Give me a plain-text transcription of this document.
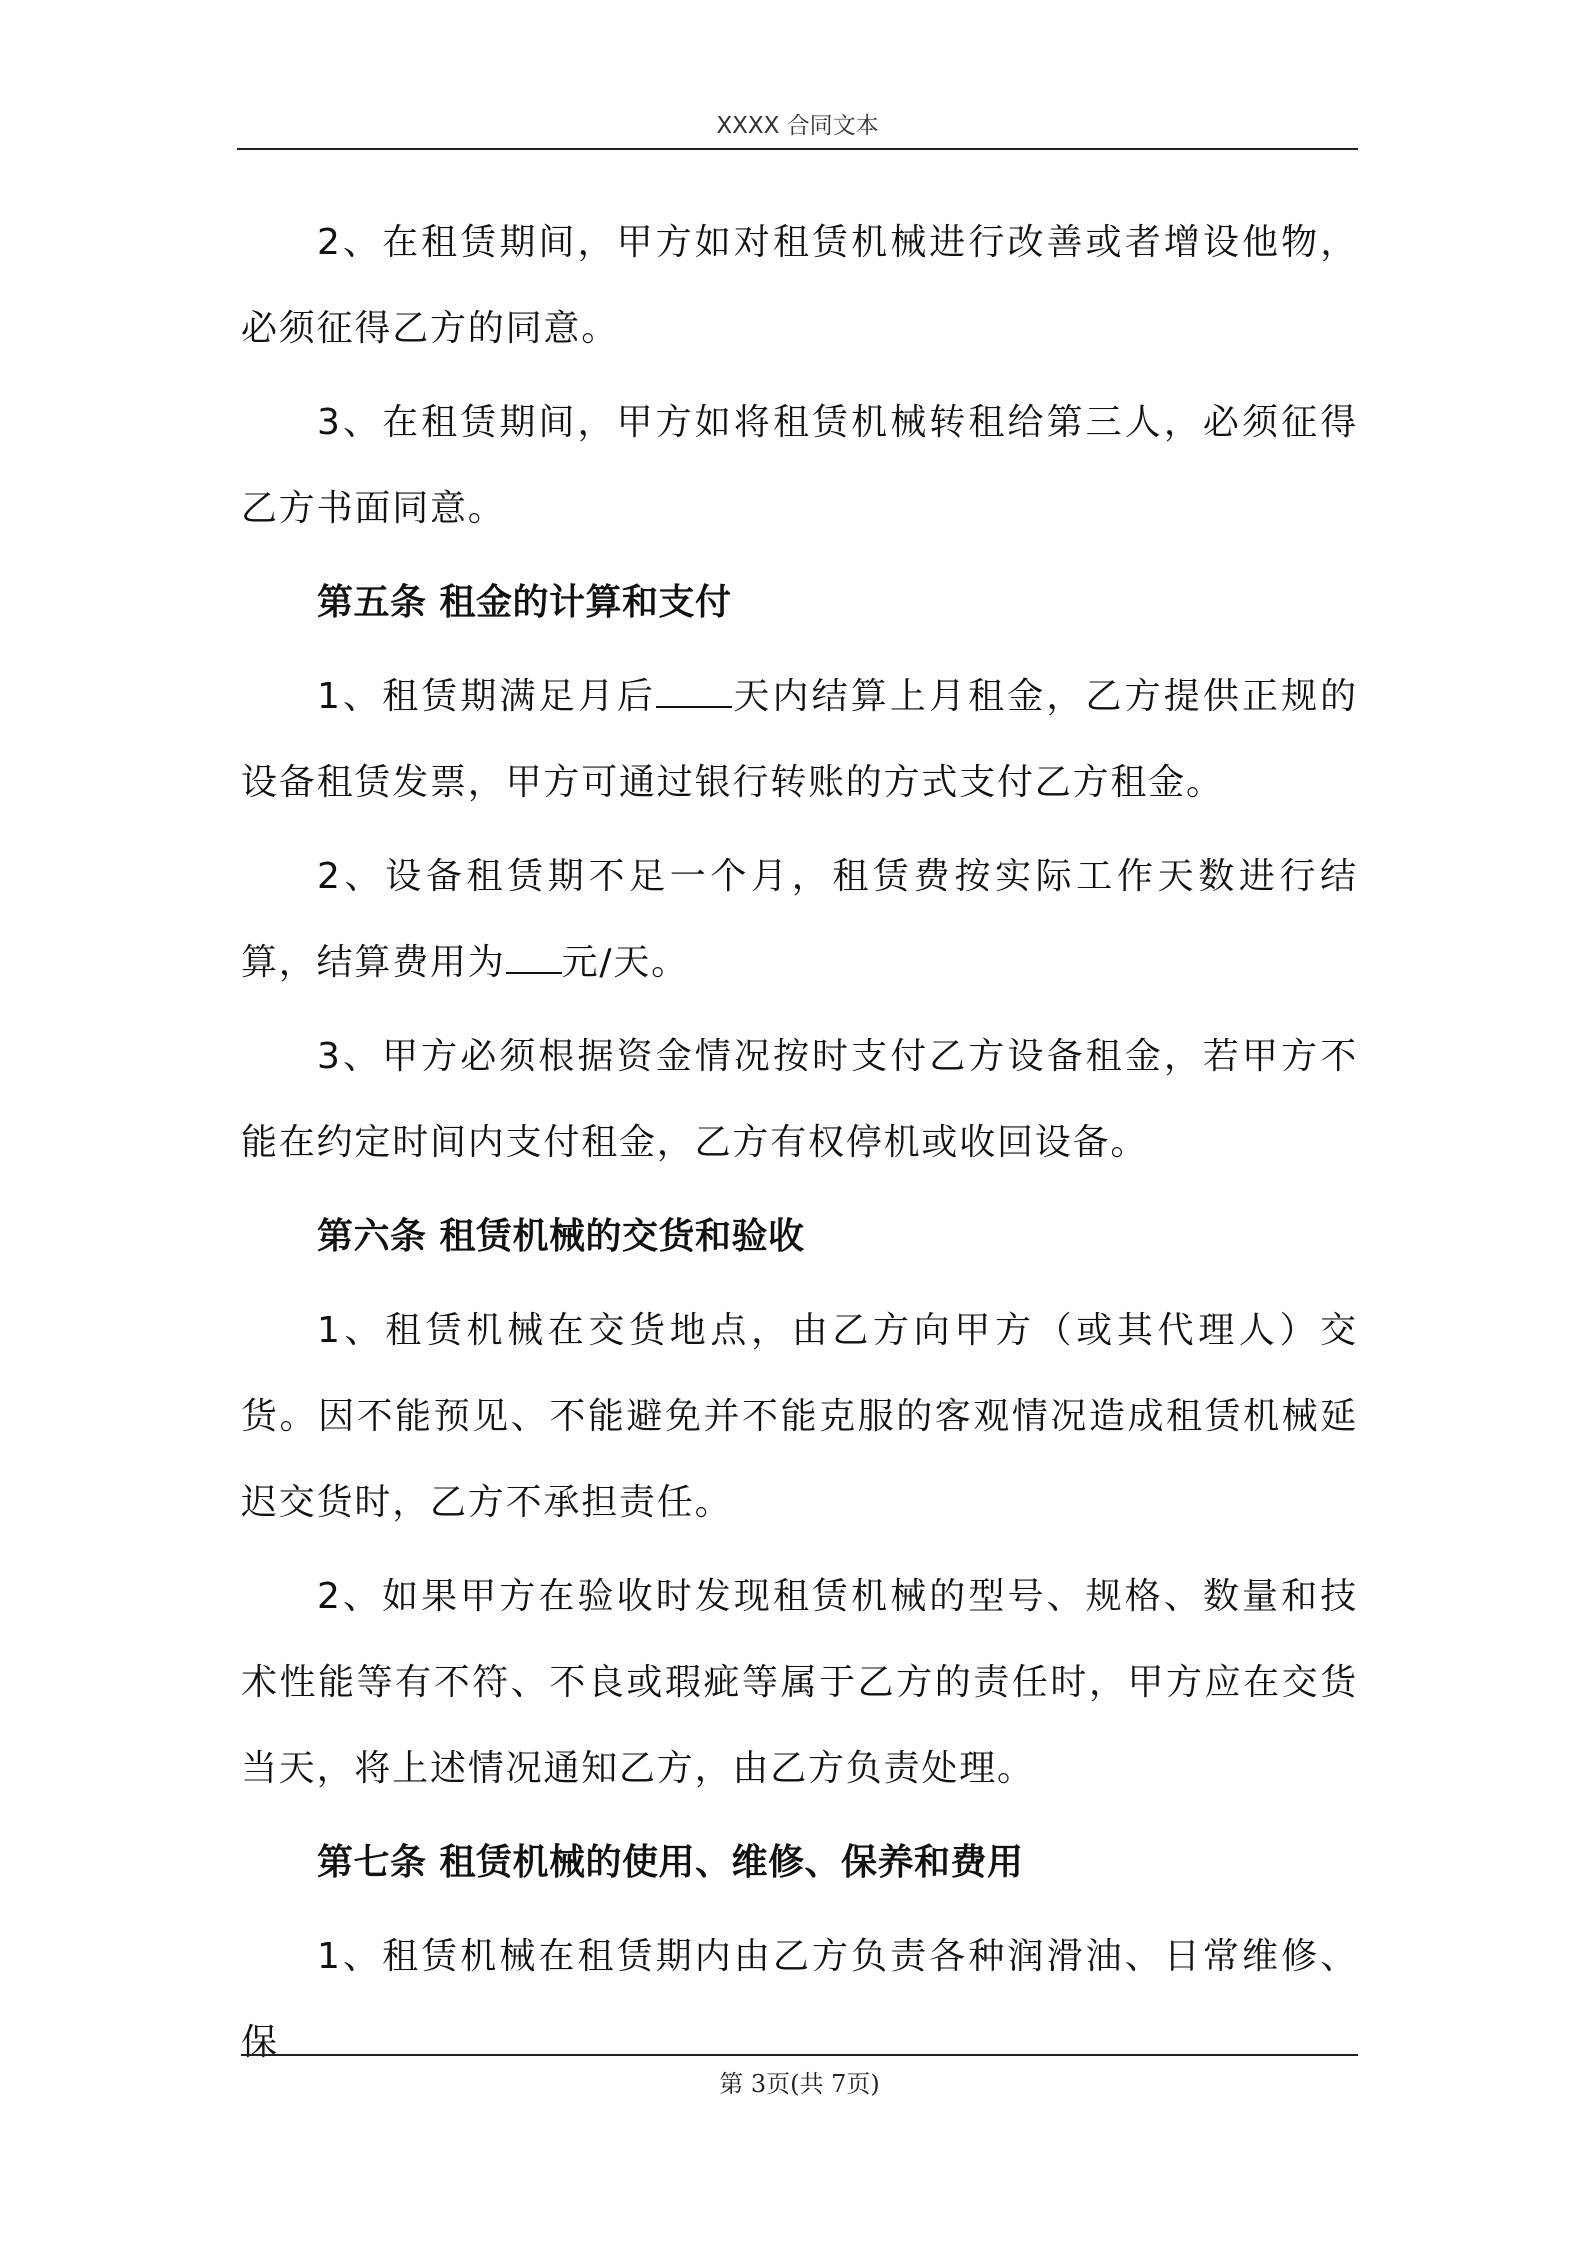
XXXX 合同文本

2、在租赁期间，甲方如对租赁机械进行改善或者增设他物，必须征得乙方的同意。

3、在租赁期间，甲方如将租赁机械转租给第三人，必须征得乙方书面同意。

第五条 租金的计算和支付

1、租赁期满足月后 天内结算上月租金，乙方提供正规的设备租赁发票，甲方可通过银行转账的方式支付乙方租金。

2、设备租赁期不足一个月，租赁费按实际工作天数进行结算，结算费用为 元/天。

3、甲方必须根据资金情况按时支付乙方设备租金，若甲方不能在约定时间内支付租金，乙方有权停机或收回设备。

第六条 租赁机械的交货和验收

1、租赁机械在交货地点，由乙方向甲方（或其代理人）交货。因不能预见、不能避免并不能克服的客观情况造成租赁机械延迟交货时，乙方不承担责任。

2、如果甲方在验收时发现租赁机械的型号、规格、数量和技术性能等有不符、不良或瑕疵等属于乙方的责任时，甲方应在交货当天，将上述情况通知乙方，由乙方负责处理。

第七条 租赁机械的使用、维修、保养和费用

1、租赁机械在租赁期内由乙方负责各种润滑油、日常维修、保

第 3页(共 7页)
